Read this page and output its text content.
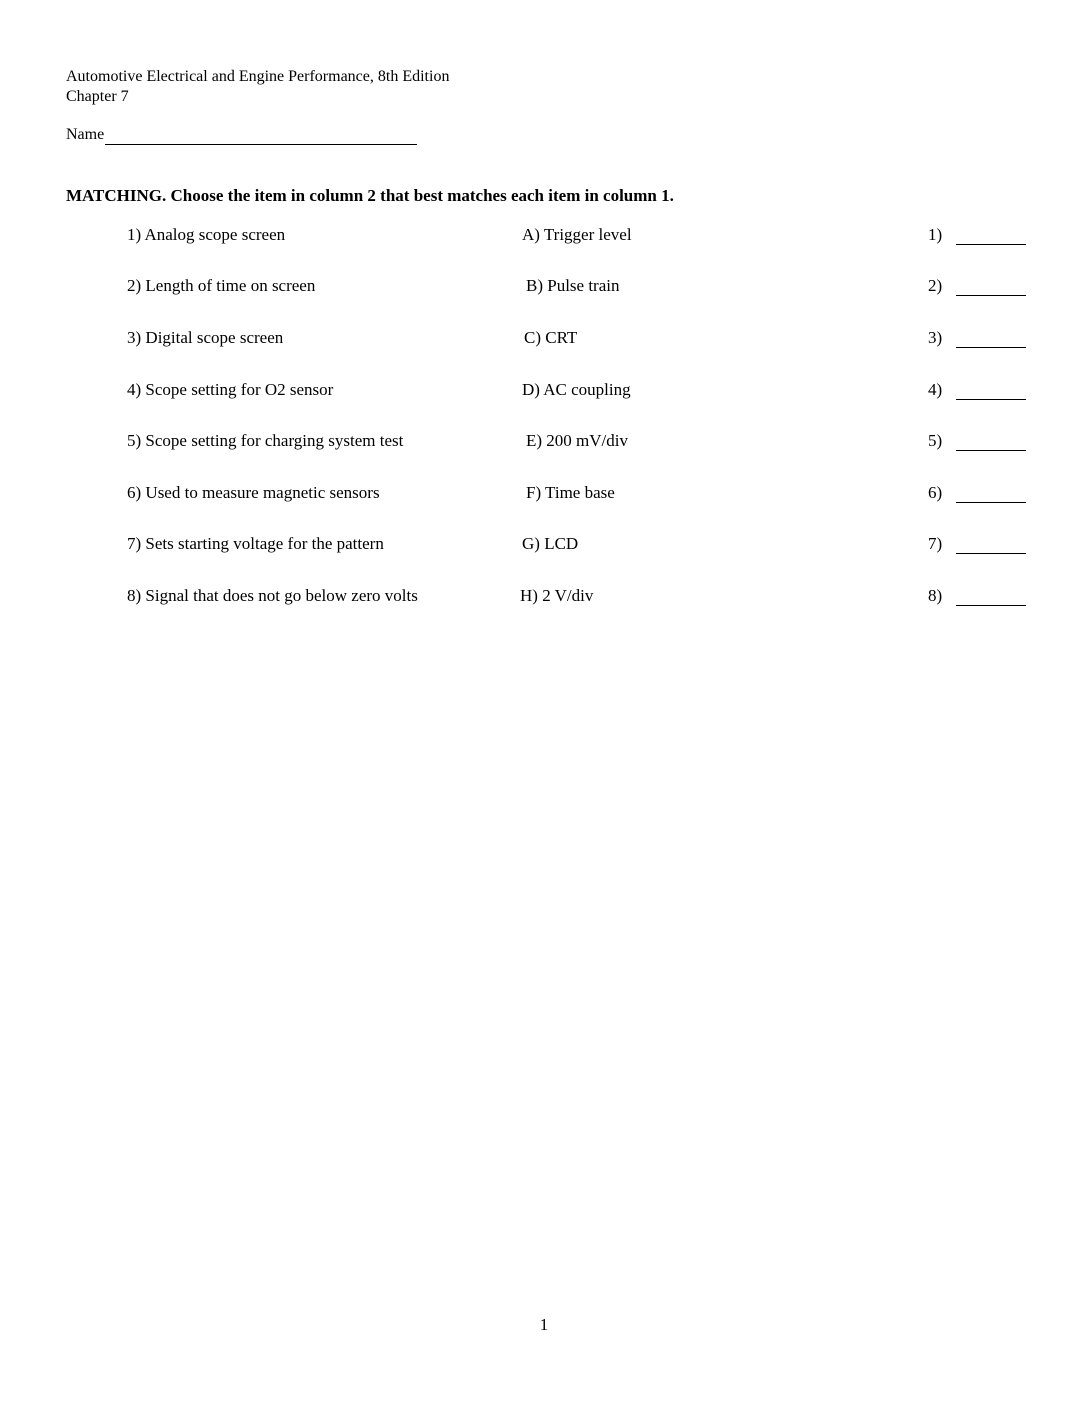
Automotive Electrical and Engine Performance, 8th Edition
Chapter 7
Name
MATCHING. Choose the item in column 2 that best matches each item in column 1.
1) Analog scope screen	A) Trigger level	1)
2) Length of time on screen	B) Pulse train	2)
3) Digital scope screen	C) CRT	3)
4) Scope setting for O2 sensor	D) AC coupling	4)
5) Scope setting for charging system test	E) 200 mV/div	5)
6) Used to measure magnetic sensors	F) Time base	6)
7) Sets starting voltage for the pattern	G) LCD	7)
8) Signal that does not go below zero volts	H) 2 V/div	8)
1
